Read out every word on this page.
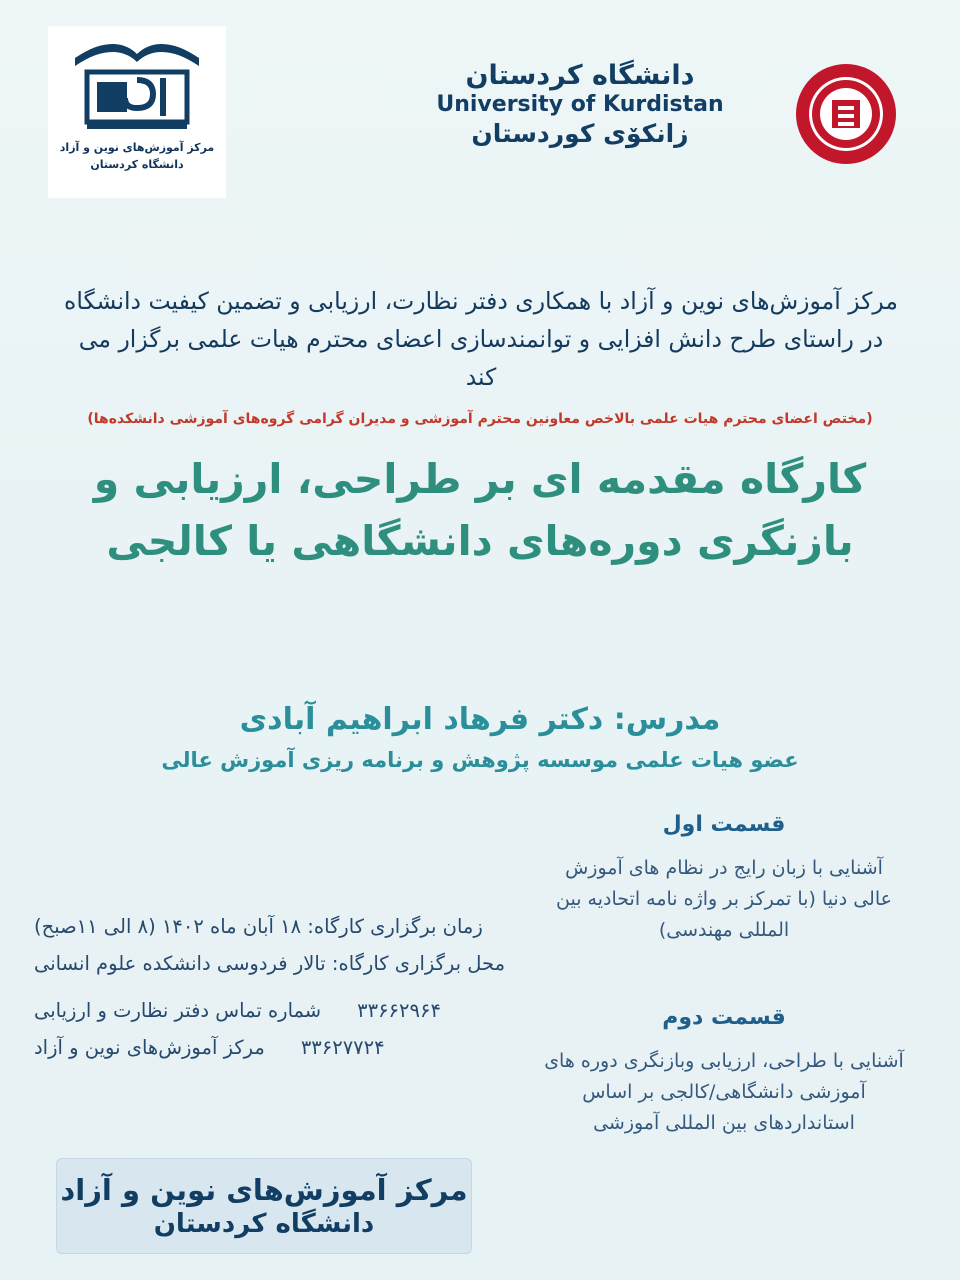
مرکز آموزش‌های نوین و آزاد
دانشگاه کردستان
دانشگاه کردستان
University of Kurdistan
زانکۆی کوردستان
مرکز آموزش‌های نوین و آزاد با همکاری دفتر نظارت، ارزیابی و تضمین کیفیت دانشگاه در راستای طرح دانش افزایی و توانمندسازی اعضای محترم هیات علمی برگزار می کند
(مختص اعضای محترم هیات علمی بالاخص معاونین محترم آموزشی و مدیران گرامی گروه‌های آموزشی دانشکده‌ها)
کارگاه مقدمه ای بر طراحی، ارزیابی و بازنگری دوره‌های دانشگاهی یا کالجی
مدرس: دکتر فرهاد ابراهیم آبادی
عضو هیات علمی موسسه پژوهش و برنامه ریزی آموزش عالی
قسمت اول
آشنایی با زبان رایج در نظام های آموزش عالی دنیا (با تمرکز بر واژه نامه اتحادیه بین المللی مهندسی)
قسمت دوم
آشنایی با طراحی، ارزیابی وبازنگری دوره های آموزشی دانشگاهی/کالجی بر اساس استانداردهای بین المللی آموزشی
زمان برگزاری کارگاه: ۱۸ آبان ماه ۱۴۰۲ (۸ الی ۱۱صبح)
محل برگزاری کارگاه: تالار فردوسی دانشکده علوم انسانی
شماره تماس دفتر نظارت و ارزیابی ۳۳۶۶۲۹۶۴
مرکز آموزش‌های نوین و آزاد ۳۳۶۲۷۷۲۴
مرکز آموزش‌های نوین و آزاد
دانشگاه کردستان
